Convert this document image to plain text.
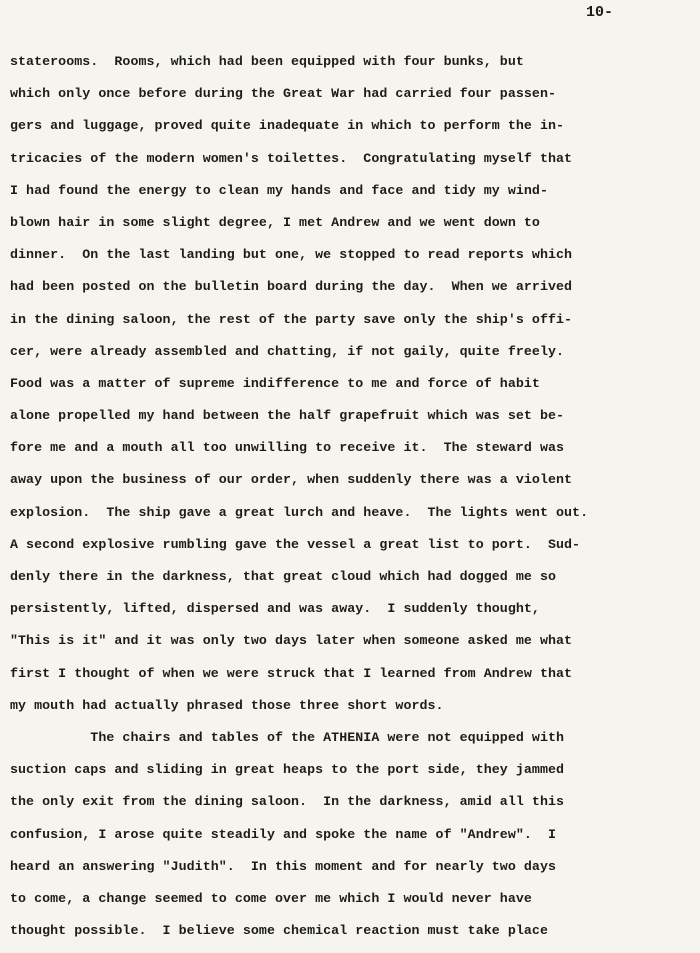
10-
staterooms.  Rooms, which had been equipped with four bunks, but
which only once before during the Great War had carried four passen-
gers and luggage, proved quite inadequate in which to perform the in-
tricacies of the modern women's toilettes.  Congratulating myself that
I had found the energy to clean my hands and face and tidy my wind-
blown hair in some slight degree, I met Andrew and we went down to
dinner.  On the last landing but one, we stopped to read reports which
had been posted on the bulletin board during the day.  When we arrived
in the dining saloon, the rest of the party save only the ship's offi-
cer, were already assembled and chatting, if not gaily, quite freely.
Food was a matter of supreme indifference to me and force of habit
alone propelled my hand between the half grapefruit which was set be-
fore me and a mouth all too unwilling to receive it.  The steward was
away upon the business of our order, when suddenly there was a violent
explosion.  The ship gave a great lurch and heave.  The lights went out.
A second explosive rumbling gave the vessel a great list to port.  Sud-
denly there in the darkness, that great cloud which had dogged me so
persistently, lifted, dispersed and was away.  I suddenly thought,
"This is it" and it was only two days later when someone asked me what
first I thought of when we were struck that I learned from Andrew that
my mouth had actually phrased those three short words.
The chairs and tables of the ATHENIA were not equipped with
suction caps and sliding in great heaps to the port side, they jammed
the only exit from the dining saloon.  In the darkness, amid all this
confusion, I arose quite steadily and spoke the name of "Andrew".  I
heard an answering "Judith".  In this moment and for nearly two days
to come, a change seemed to come over me which I would never have
thought possible.  I believe some chemical reaction must take place
